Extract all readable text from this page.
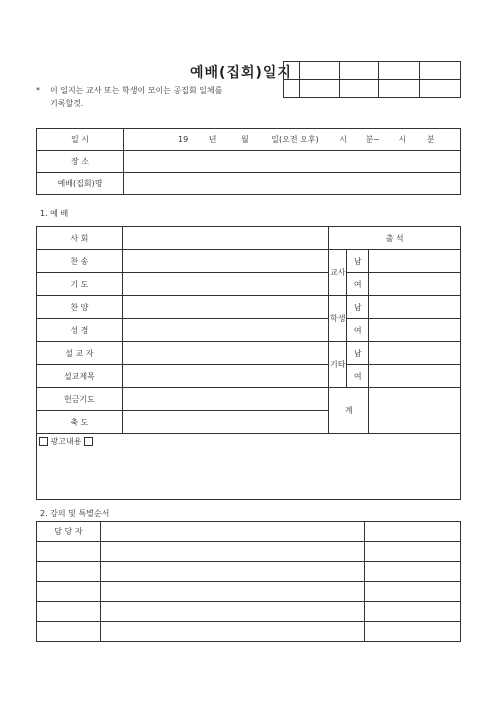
예배(집회)일지

* 이 일지는 교사 또는 학생이 모이는 공집회 일체를
기록할것.
일 시	19 년 월 일(오전 오후) 시 분~ 시 분
장 소	
예배(집회)명	
1. 예 배
사 회		출 석		
찬 송		교사	남	
기 도			여	
찬 양		학생	남	
성 경			여	
설 교 자		기타	남	
설교제목			여	
헌금기도		계		
축 도				
광고내용				
2. 강의 및 특별순서
담 당 자		
